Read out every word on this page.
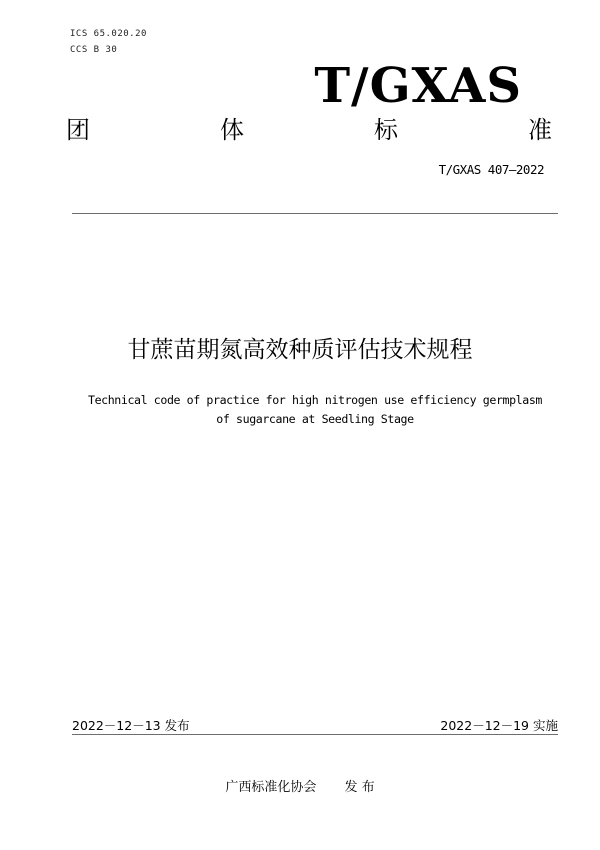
ICS 65.020.20
CCS B 30
T/GXAS
团	体	标	准
T/GXAS 407—2022
甘蔗苗期氮高效种质评估技术规程
Technical code of practice for high nitrogen use efficiency germplasm
of sugarcane at Seedling Stage
2022－12－13 发布	2022－12－19 实施
广西标准化协会 发 布
